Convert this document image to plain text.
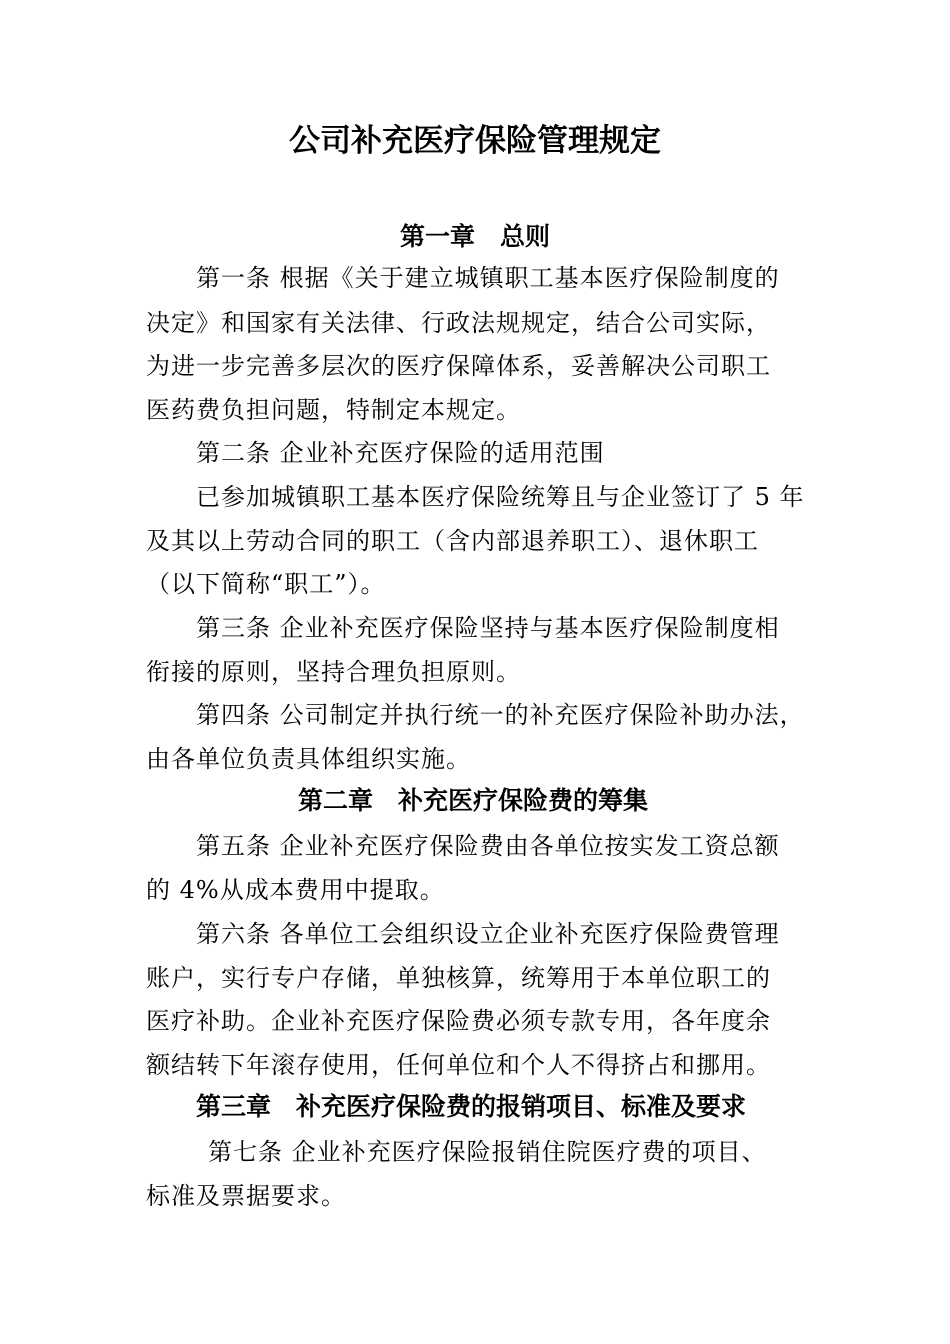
公司补充医疗保险管理规定
第一章　总则
第一条 根据《关于建立城镇职工基本医疗保险制度的
决定》和国家有关法律、行政法规规定，结合公司实际，
为进一步完善多层次的医疗保障体系，妥善解决公司职工
医药费负担问题，特制定本规定。
第二条 企业补充医疗保险的适用范围
已参加城镇职工基本医疗保险统筹且与企业签订了 5 年
及其以上劳动合同的职工（含内部退养职工）、退休职工
（以下简称“职工”）。
第三条 企业补充医疗保险坚持与基本医疗保险制度相
衔接的原则，坚持合理负担原则。
第四条 公司制定并执行统一的补充医疗保险补助办法，
由各单位负责具体组织实施。
第二章　补充医疗保险费的筹集
第五条 企业补充医疗保险费由各单位按实发工资总额
的 4%从成本费用中提取。
第六条 各单位工会组织设立企业补充医疗保险费管理
账户，实行专户存储，单独核算，统筹用于本单位职工的
医疗补助。企业补充医疗保险费必须专款专用，各年度余
额结转下年滚存使用，任何单位和个人不得挤占和挪用。
第三章　补充医疗保险费的报销项目、标准及要求
第七条 企业补充医疗保险报销住院医疗费的项目、
标准及票据要求。
